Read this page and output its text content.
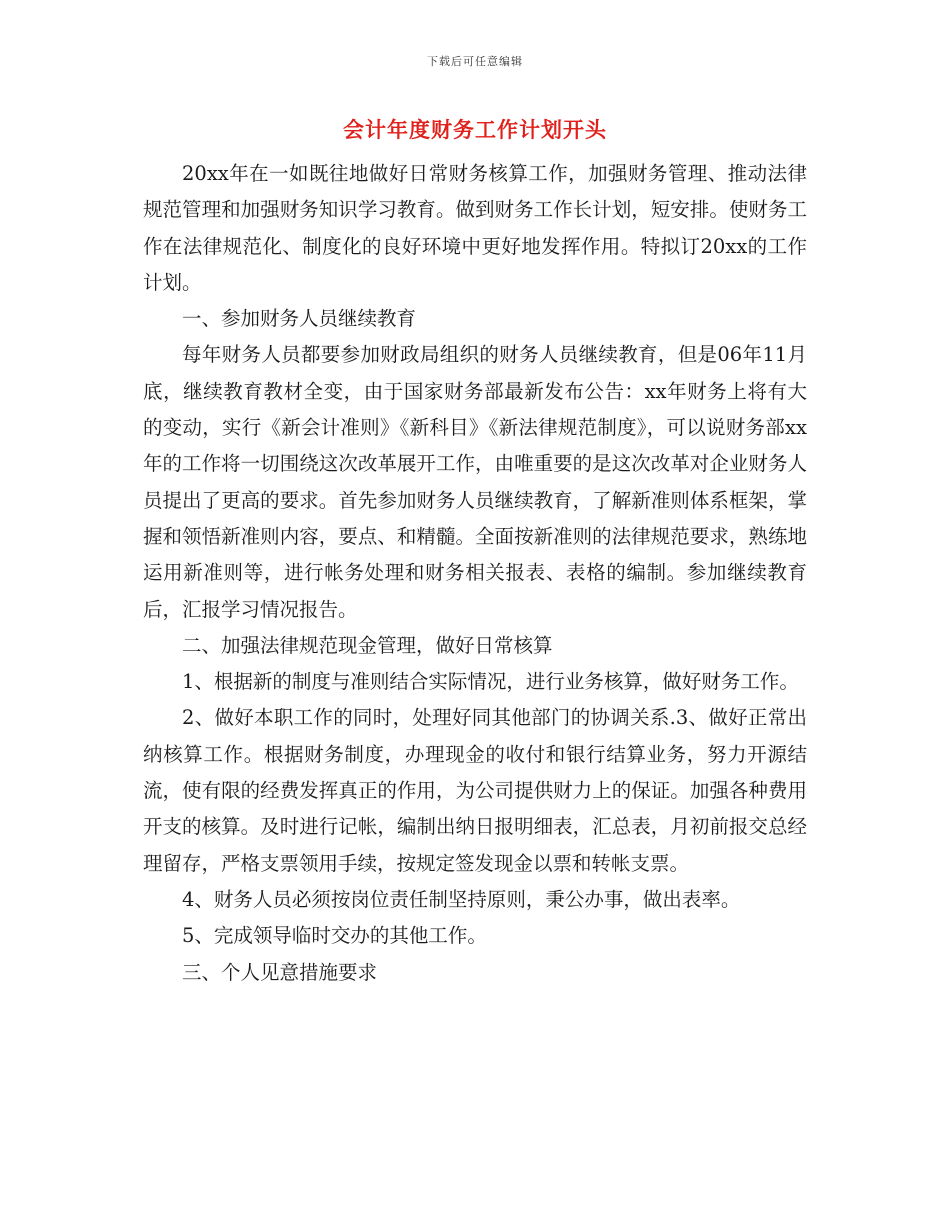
下载后可任意编辑
会计年度财务工作计划开头

20xx年在一如既往地做好日常财务核算工作，加强财务管理、推动法律规范管理和加强财务知识学习教育。做到财务工作长计划，短安排。使财务工作在法律规范化、制度化的良好环境中更好地发挥作用。特拟订20xx的工作计划。

一、参加财务人员继续教育

每年财务人员都要参加财政局组织的财务人员继续教育，但是06年11月底，继续教育教材全变，由于国家财务部最新发布公告：xx年财务上将有大的变动，实行《新会计准则》《新科目》《新法律规范制度》，可以说财务部xx年的工作将一切围绕这次改革展开工作，由唯重要的是这次改革对企业财务人员提出了更高的要求。首先参加财务人员继续教育，了解新准则体系框架，掌握和领悟新准则内容，要点、和精髓。全面按新准则的法律规范要求，熟练地运用新准则等，进行帐务处理和财务相关报表、表格的编制。参加继续教育后，汇报学习情况报告。

二、加强法律规范现金管理，做好日常核算

1、根据新的制度与准则结合实际情况，进行业务核算，做好财务工作。

2、做好本职工作的同时，处理好同其他部门的协调关系.3、做好正常出纳核算工作。根据财务制度，办理现金的收付和银行结算业务，努力开源结流，使有限的经费发挥真正的作用，为公司提供财力上的保证。加强各种费用开支的核算。及时进行记帐，编制出纳日报明细表，汇总表，月初前报交总经理留存，严格支票领用手续，按规定签发现金以票和转帐支票。

4、财务人员必须按岗位责任制坚持原则，秉公办事，做出表率。

5、完成领导临时交办的其他工作。

三、个人见意措施要求
